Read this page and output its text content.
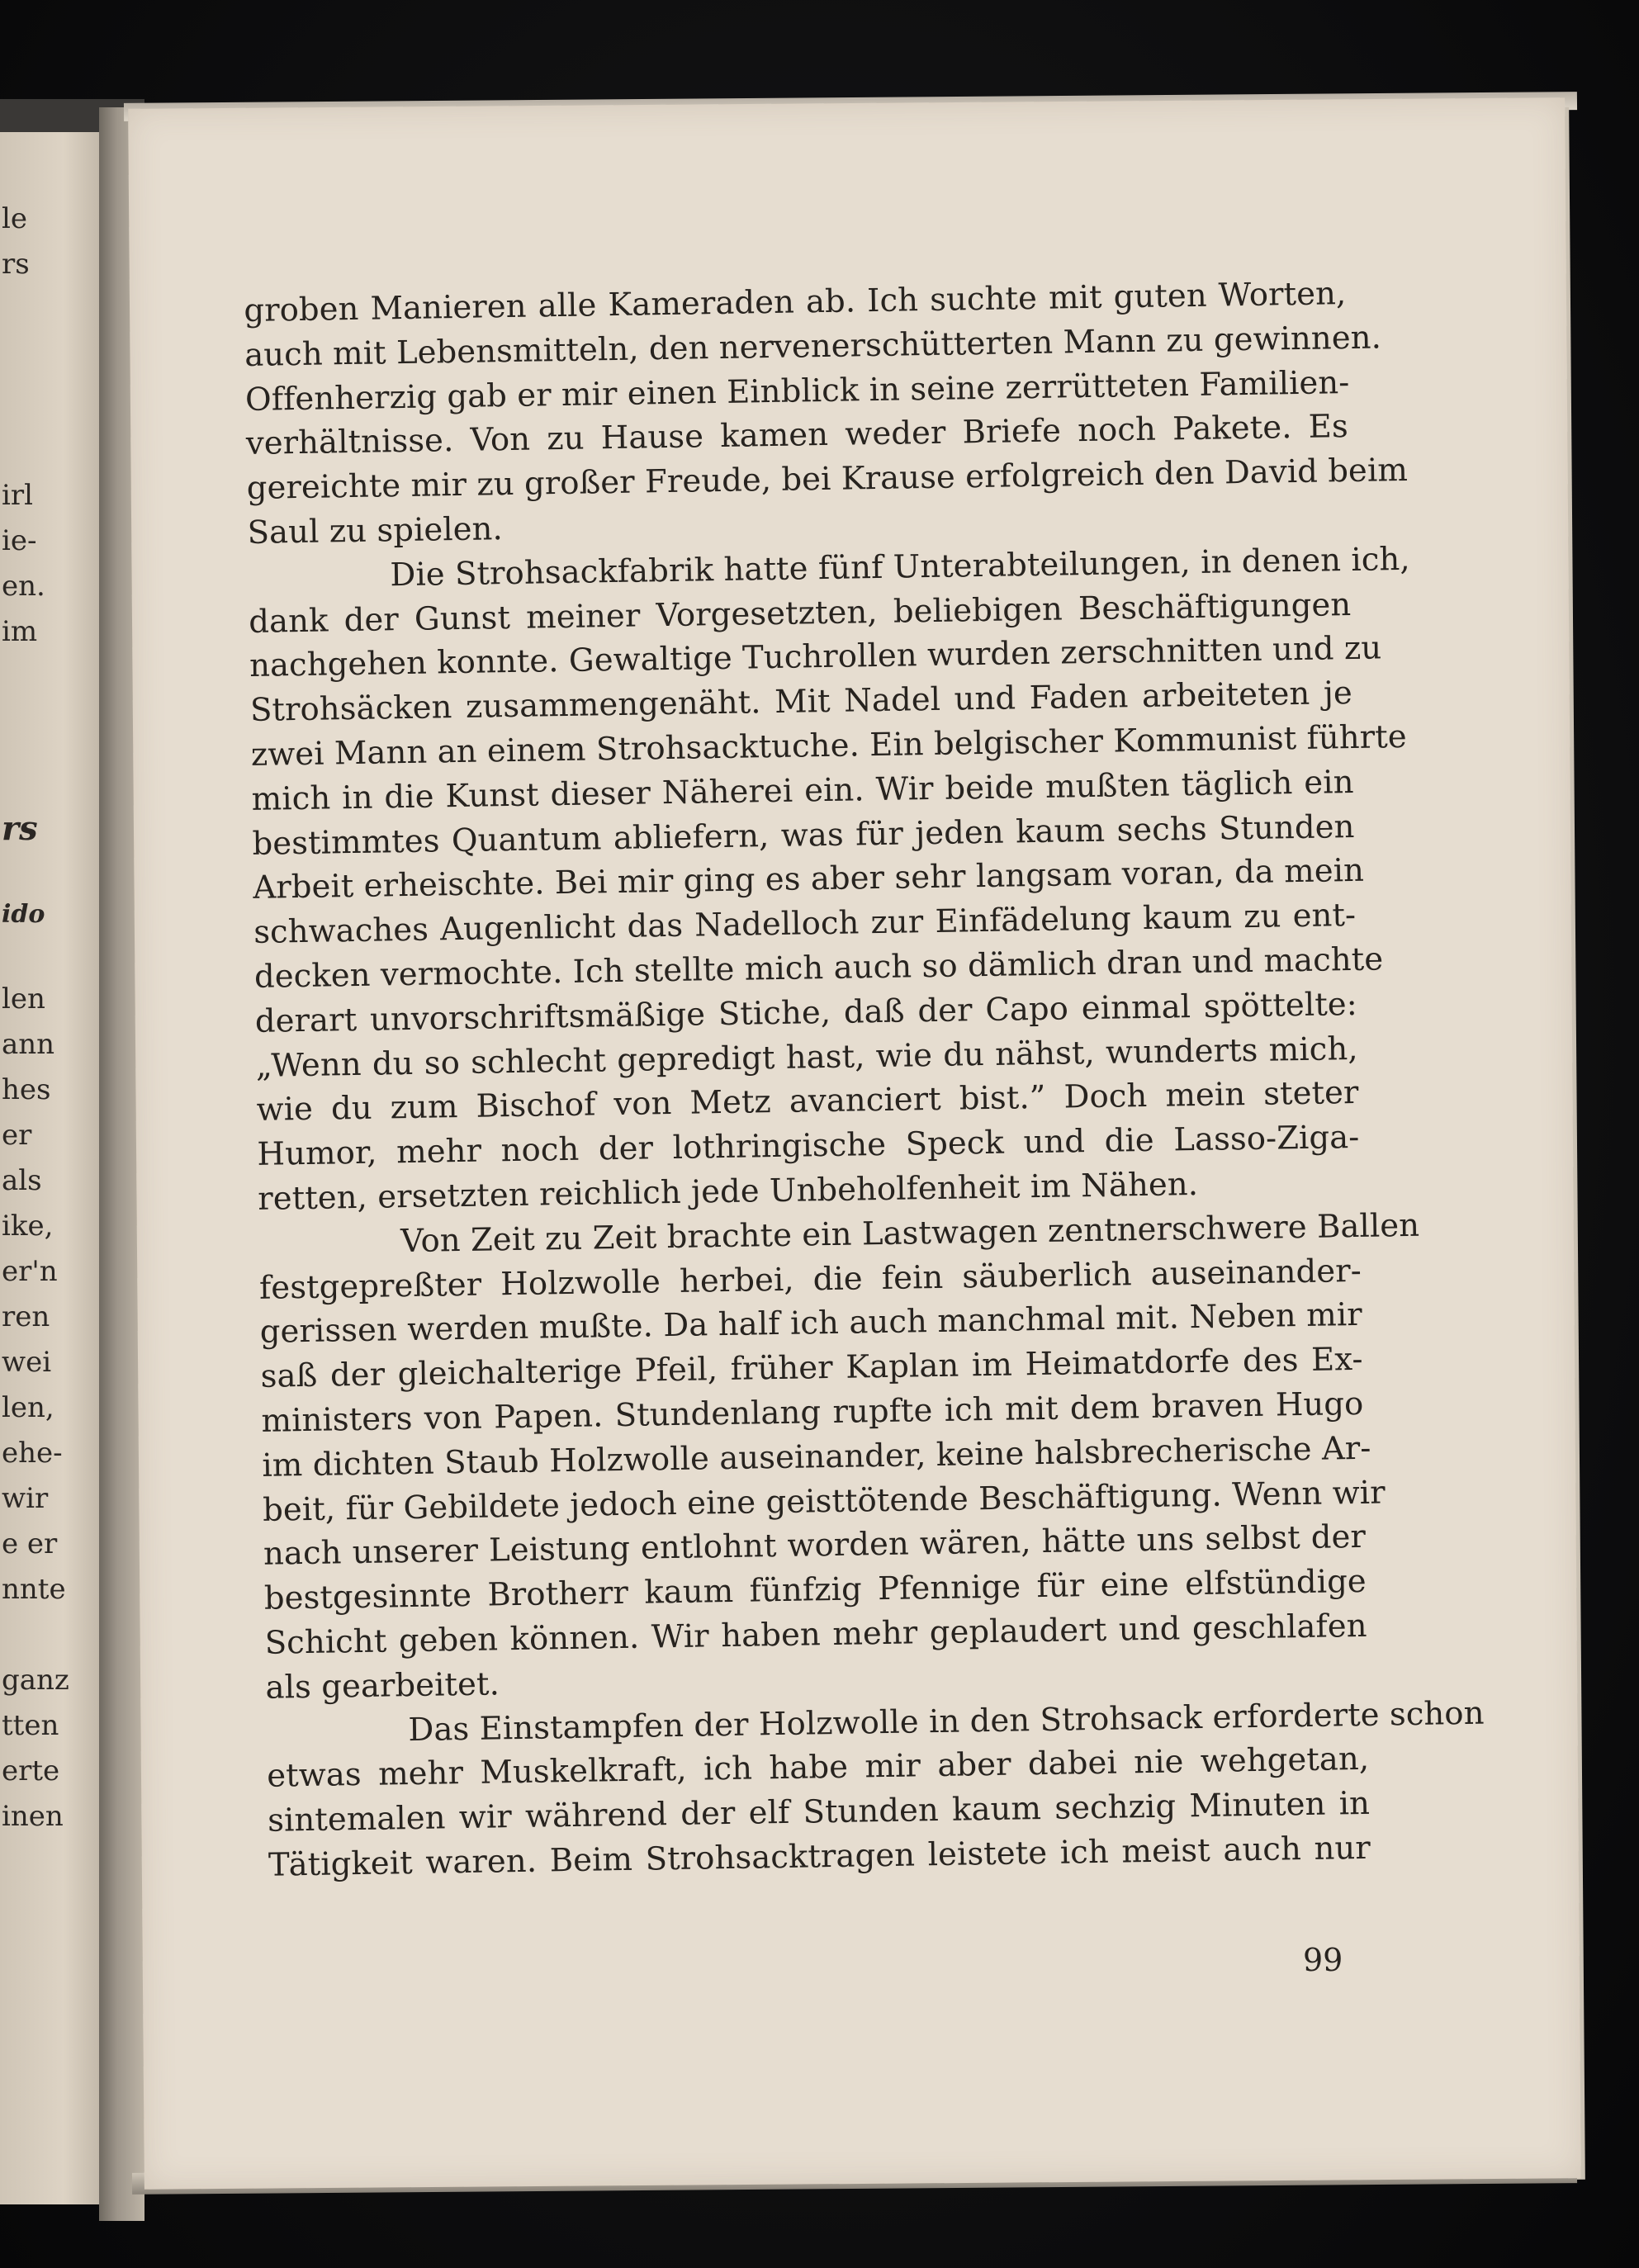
le
rs
irl
ie-
en.
im
rs
ido
len
ann
hes
er
als
ike,
er'n
ren
wei
len,
ehe-
wir
e er
nnte
ganz
tten
erte
inen
groben Manieren alle Kameraden ab. Ich suchte mit guten Worten,
auch mit Lebensmitteln, den nervenerschütterten Mann zu gewinnen.
Offenherzig gab er mir einen Einblick in seine zerrütteten Familien-
verhältnisse. Von zu Hause kamen weder Briefe noch Pakete. Es
gereichte mir zu großer Freude, bei Krause erfolgreich den David beim
Saul zu spielen.
Die Strohsackfabrik hatte fünf Unterabteilungen, in denen ich,
dank der Gunst meiner Vorgesetzten, beliebigen Beschäftigungen
nachgehen konnte. Gewaltige Tuchrollen wurden zerschnitten und zu
Strohsäcken zusammengenäht. Mit Nadel und Faden arbeiteten je
zwei Mann an einem Strohsacktuche. Ein belgischer Kommunist führte
mich in die Kunst dieser Näherei ein. Wir beide mußten täglich ein
bestimmtes Quantum abliefern, was für jeden kaum sechs Stunden
Arbeit erheischte. Bei mir ging es aber sehr langsam voran, da mein
schwaches Augenlicht das Nadelloch zur Einfädelung kaum zu ent-
decken vermochte. Ich stellte mich auch so dämlich dran und machte
derart unvorschriftsmäßige Stiche, daß der Capo einmal spöttelte:
„Wenn du so schlecht gepredigt hast, wie du nähst, wunderts mich,
wie du zum Bischof von Metz avanciert bist.” Doch mein steter
Humor, mehr noch der lothringische Speck und die Lasso-Ziga-
retten, ersetzten reichlich jede Unbeholfenheit im Nähen.
Von Zeit zu Zeit brachte ein Lastwagen zentnerschwere Ballen
festgepreßter Holzwolle herbei, die fein säuberlich auseinander-
gerissen werden mußte. Da half ich auch manchmal mit. Neben mir
saß der gleichalterige Pfeil, früher Kaplan im Heimatdorfe des Ex-
ministers von Papen. Stundenlang rupfte ich mit dem braven Hugo
im dichten Staub Holzwolle auseinander, keine halsbrecherische Ar-
beit, für Gebildete jedoch eine geisttötende Beschäftigung. Wenn wir
nach unserer Leistung entlohnt worden wären, hätte uns selbst der
bestgesinnte Brotherr kaum fünfzig Pfennige für eine elfstündige
Schicht geben können. Wir haben mehr geplaudert und geschlafen
als gearbeitet.
Das Einstampfen der Holzwolle in den Strohsack erforderte schon
etwas mehr Muskelkraft, ich habe mir aber dabei nie wehgetan,
sintemalen wir während der elf Stunden kaum sechzig Minuten in
Tätigkeit waren. Beim Strohsacktragen leistete ich meist auch nur
99
